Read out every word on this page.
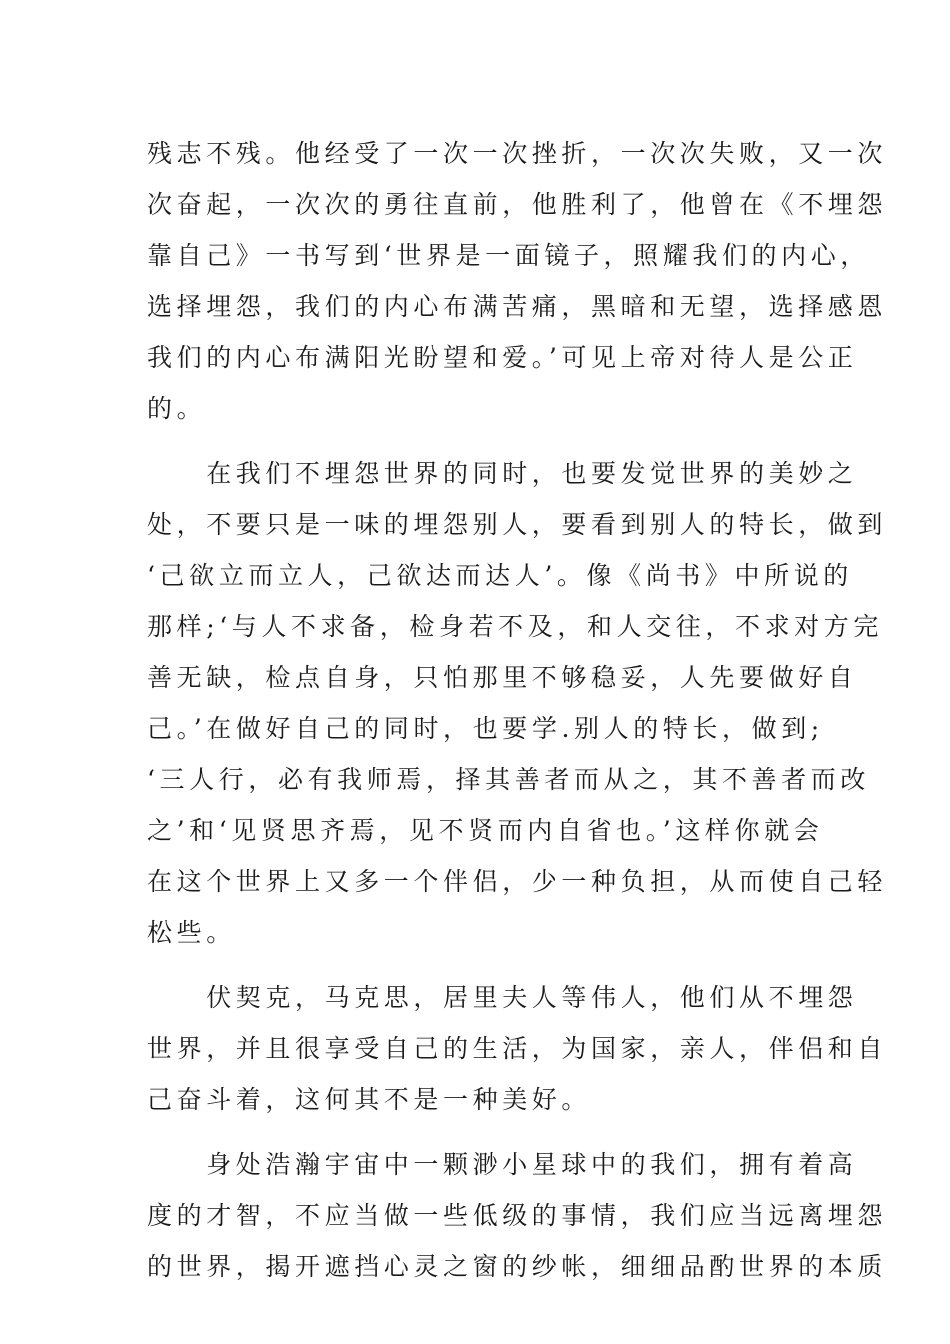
残志不残。他经受了一次一次挫折，一次次失败，又一次
次奋起，一次次的勇往直前，他胜利了，他曾在《不埋怨
靠自己》一书写到‘世界是一面镜子，照耀我们的内心，
选择埋怨，我们的内心布满苦痛，黑暗和无望，选择感恩
我们的内心布满阳光盼望和爱。’可见上帝对待人是公正
的。
　　在我们不埋怨世界的同时，也要发觉世界的美妙之
处，不要只是一味的埋怨别人，要看到别人的特长，做到
‘己欲立而立人，己欲达而达人’。像《尚书》中所说的
那样;‘与人不求备，检身若不及，和人交往，不求对方完
善无缺，检点自身，只怕那里不够稳妥，人先要做好自
己。’在做好自己的同时，也要学.别人的特长，做到;
‘三人行，必有我师焉，择其善者而从之，其不善者而改
之’和‘见贤思齐焉，见不贤而内自省也。’这样你就会
在这个世界上又多一个伴侣，少一种负担，从而使自己轻
松些。
　　伏契克，马克思，居里夫人等伟人，他们从不埋怨
世界，并且很享受自己的生活，为国家，亲人，伴侣和自
己奋斗着，这何其不是一种美好。
　　身处浩瀚宇宙中一颗渺小星球中的我们，拥有着高
度的才智，不应当做一些低级的事情，我们应当远离埋怨
的世界，揭开遮挡心灵之窗的纱帐，细细品酌世界的本质
